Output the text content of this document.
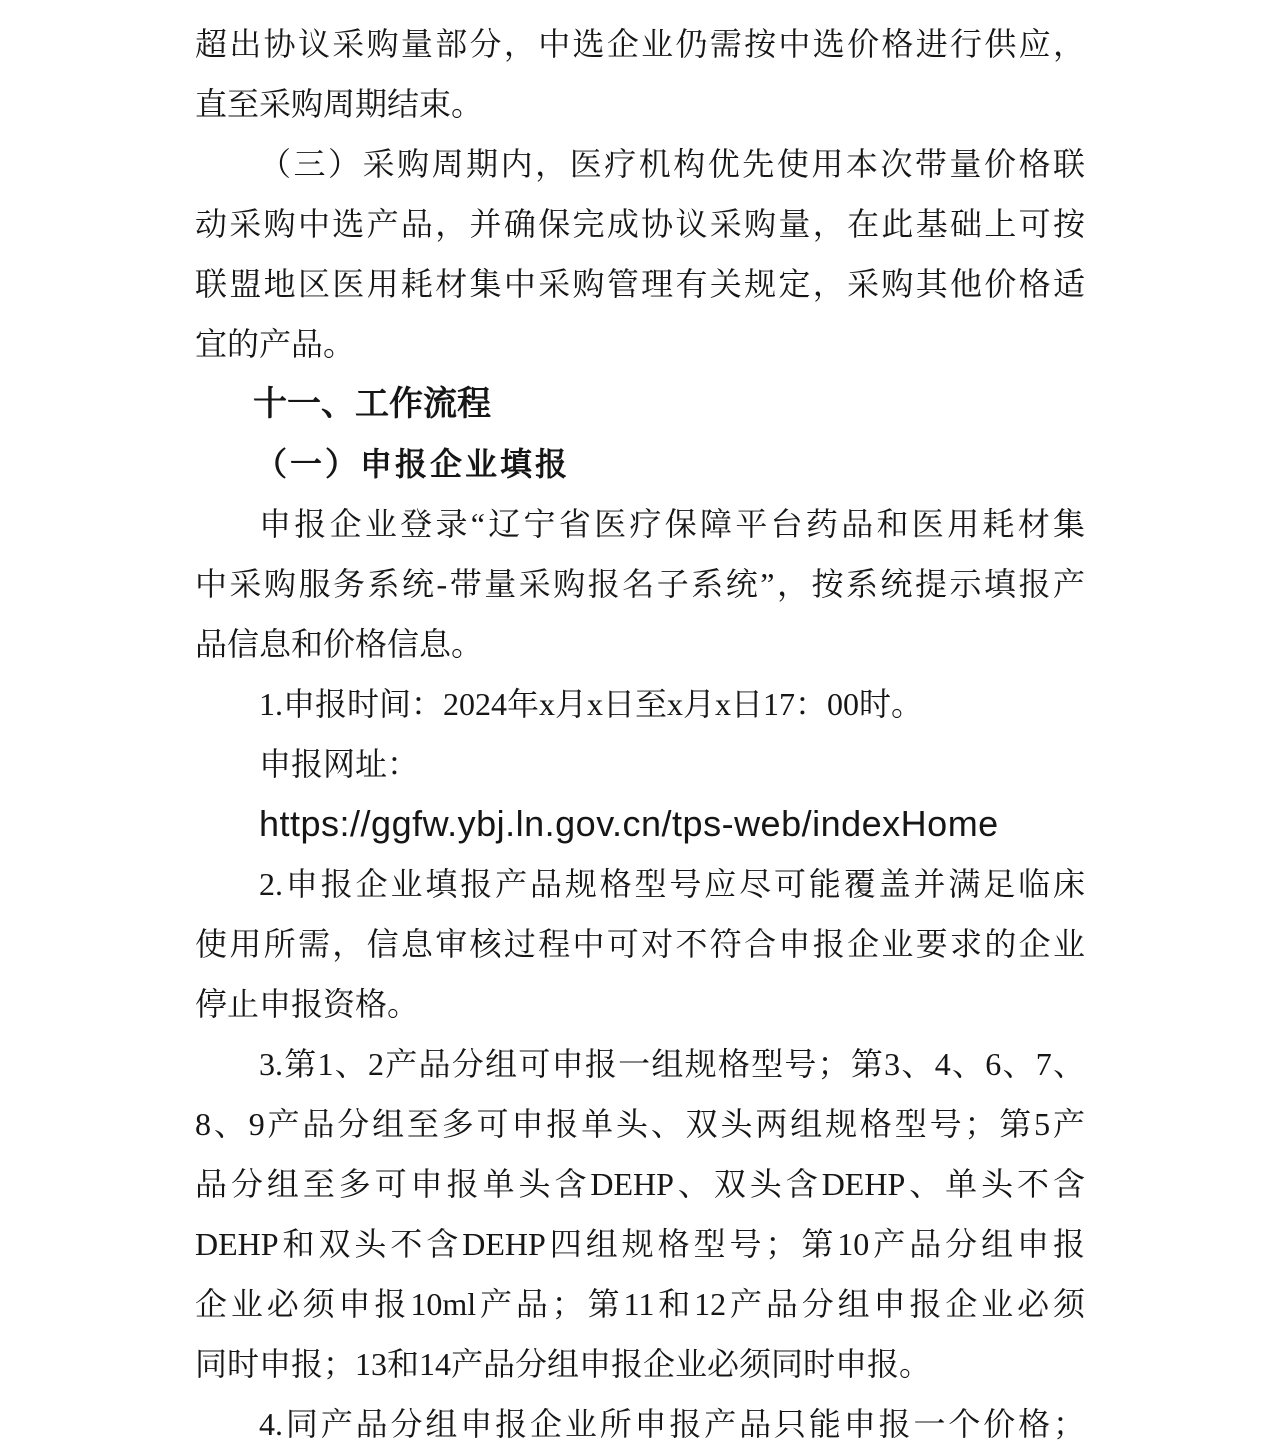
超出协议采购量部分，中选企业仍需按中选价格进行供应，
直至采购周期结束。
（三）采购周期内，医疗机构优先使用本次带量价格联
动采购中选产品，并确保完成协议采购量，在此基础上可按
联盟地区医用耗材集中采购管理有关规定，采购其他价格适
宜的产品。
十一、工作流程
（一）申报企业填报
申报企业登录“辽宁省医疗保障平台药品和医用耗材集
中采购服务系统-带量采购报名子系统”，按系统提示填报产
品信息和价格信息。
1.申报时间：2024年x月x日至x月x日17：00时。
申报网址：
https://ggfw.ybj.ln.gov.cn/tps-web/indexHome
2.申报企业填报产品规格型号应尽可能覆盖并满足临床
使用所需，信息审核过程中可对不符合申报企业要求的企业
停止申报资格。
3.第1、2产品分组可申报一组规格型号；第3、4、6、7、
8、9产品分组至多可申报单头、双头两组规格型号；第5产
品分组至多可申报单头含DEHP、双头含DEHP、单头不含
DEHP和双头不含DEHP四组规格型号；第10产品分组申报
企业必须申报10ml产品；第11和12产品分组申报企业必须
同时申报；13和14产品分组申报企业必须同时申报。
4.同产品分组申报企业所申报产品只能申报一个价格；
